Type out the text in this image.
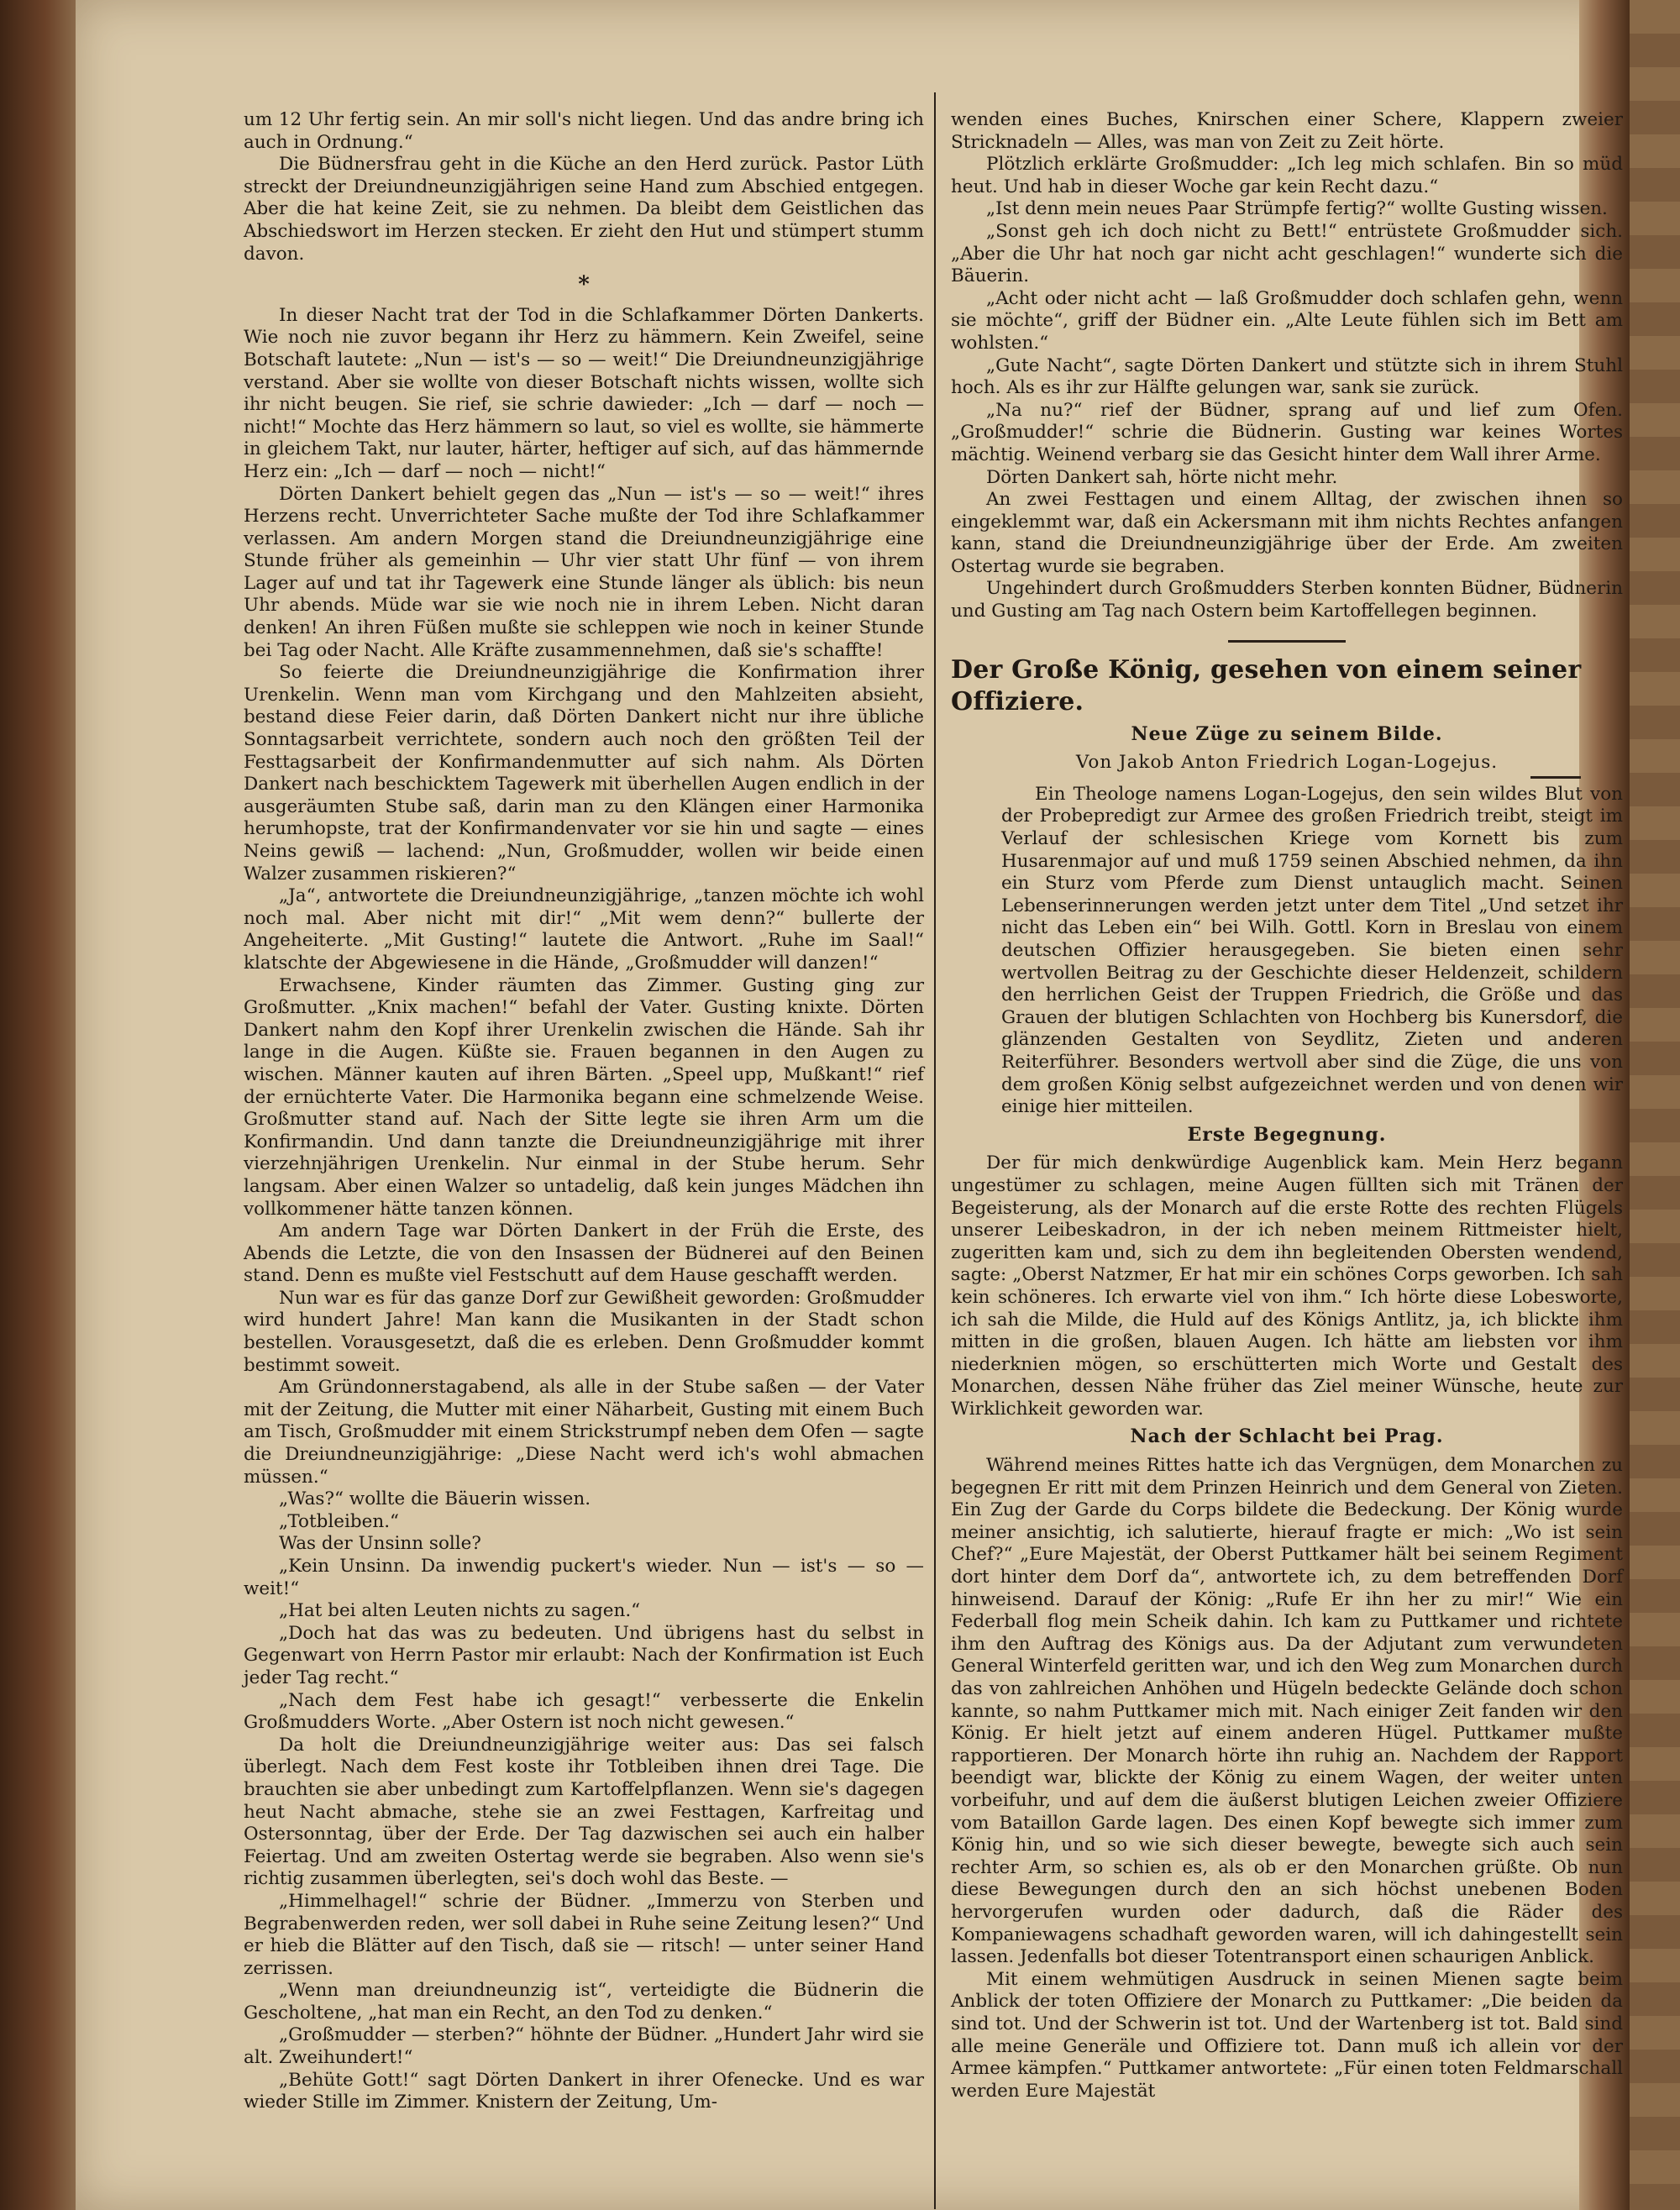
um 12 Uhr fertig sein. An mir soll's nicht liegen. Und das andre bring ich auch in Ordnung.“

Die Büdnersfrau geht in die Küche an den Herd zurück. Pastor Lüth streckt der Dreiundneunzigjährigen seine Hand zum Abschied entgegen. Aber die hat keine Zeit, sie zu nehmen. Da bleibt dem Geistlichen das Abschiedswort im Herzen stecken. Er zieht den Hut und stümpert stumm davon.

*

In dieser Nacht trat der Tod in die Schlafkammer Dörten Dankerts. Wie noch nie zuvor begann ihr Herz zu hämmern. Kein Zweifel, seine Botschaft lautete: „Nun — ist's — so — weit!“ Die Dreiundneunzigjährige verstand. Aber sie wollte von dieser Botschaft nichts wissen, wollte sich ihr nicht beugen. Sie rief, sie schrie dawieder: „Ich — darf — noch — nicht!“ Mochte das Herz hämmern so laut, so viel es wollte, sie hämmerte in gleichem Takt, nur lauter, härter, heftiger auf sich, auf das hämmernde Herz ein: „Ich — darf — noch — nicht!“

Dörten Dankert behielt gegen das „Nun — ist's — so — weit!“ ihres Herzens recht. Unverrichteter Sache mußte der Tod ihre Schlafkammer verlassen. Am andern Morgen stand die Dreiundneunzigjährige eine Stunde früher als gemeinhin — Uhr vier statt Uhr fünf — von ihrem Lager auf und tat ihr Tagewerk eine Stunde länger als üblich: bis neun Uhr abends. Müde war sie wie noch nie in ihrem Leben. Nicht daran denken! An ihren Füßen mußte sie schleppen wie noch in keiner Stunde bei Tag oder Nacht. Alle Kräfte zusammennehmen, daß sie's schaffte!

So feierte die Dreiundneunzigjährige die Konfirmation ihrer Urenkelin. Wenn man vom Kirchgang und den Mahlzeiten absieht, bestand diese Feier darin, daß Dörten Dankert nicht nur ihre übliche Sonntagsarbeit verrichtete, sondern auch noch den größten Teil der Festtagsarbeit der Konfirmandenmutter auf sich nahm. Als Dörten Dankert nach beschicktem Tagewerk mit überhellen Augen endlich in der ausgeräumten Stube saß, darin man zu den Klängen einer Harmonika herumhopste, trat der Konfirmandenvater vor sie hin und sagte — eines Neins gewiß — lachend: „Nun, Großmudder, wollen wir beide einen Walzer zusammen riskieren?“

„Ja“, antwortete die Dreiundneunzigjährige, „tanzen möchte ich wohl noch mal. Aber nicht mit dir!“ „Mit wem denn?“ bullerte der Angeheiterte. „Mit Gusting!“ lautete die Antwort. „Ruhe im Saal!“ klatschte der Abgewiesene in die Hände, „Großmudder will danzen!“

Erwachsene, Kinder räumten das Zimmer. Gusting ging zur Großmutter. „Knix machen!“ befahl der Vater. Gusting knixte. Dörten Dankert nahm den Kopf ihrer Urenkelin zwischen die Hände. Sah ihr lange in die Augen. Küßte sie. Frauen begannen in den Augen zu wischen. Männer kauten auf ihren Bärten. „Speel upp, Mußkant!“ rief der ernüchterte Vater. Die Harmonika begann eine schmelzende Weise. Großmutter stand auf. Nach der Sitte legte sie ihren Arm um die Konfirmandin. Und dann tanzte die Dreiundneunzigjährige mit ihrer vierzehnjährigen Urenkelin. Nur einmal in der Stube herum. Sehr langsam. Aber einen Walzer so untadelig, daß kein junges Mädchen ihn vollkommener hätte tanzen können.

Am andern Tage war Dörten Dankert in der Früh die Erste, des Abends die Letzte, die von den Insassen der Büdnerei auf den Beinen stand. Denn es mußte viel Festschutt auf dem Hause geschafft werden.

Nun war es für das ganze Dorf zur Gewißheit geworden: Großmudder wird hundert Jahre! Man kann die Musikanten in der Stadt schon bestellen. Vorausgesetzt, daß die es erleben. Denn Großmudder kommt bestimmt soweit.

Am Gründonnerstagabend, als alle in der Stube saßen — der Vater mit der Zeitung, die Mutter mit einer Näharbeit, Gusting mit einem Buch am Tisch, Großmudder mit einem Strickstrumpf neben dem Ofen — sagte die Dreiundneunzigjährige: „Diese Nacht werd ich's wohl abmachen müssen.“

„Was?“ wollte die Bäuerin wissen.

„Totbleiben.“

Was der Unsinn solle?

„Kein Unsinn. Da inwendig puckert's wieder. Nun — ist's — so — weit!“

„Hat bei alten Leuten nichts zu sagen.“

„Doch hat das was zu bedeuten. Und übrigens hast du selbst in Gegenwart von Herrn Pastor mir erlaubt: Nach der Konfirmation ist Euch jeder Tag recht.“

„Nach dem Fest habe ich gesagt!“ verbesserte die Enkelin Großmudders Worte. „Aber Ostern ist noch nicht gewesen.“

Da holt die Dreiundneunzigjährige weiter aus: Das sei falsch überlegt. Nach dem Fest koste ihr Totbleiben ihnen drei Tage. Die brauchten sie aber unbedingt zum Kartoffelpflanzen. Wenn sie's dagegen heut Nacht abmache, stehe sie an zwei Festtagen, Karfreitag und Ostersonntag, über der Erde. Der Tag dazwischen sei auch ein halber Feiertag. Und am zweiten Ostertag werde sie begraben. Also wenn sie's richtig zusammen überlegten, sei's doch wohl das Beste. —

„Himmelhagel!“ schrie der Büdner. „Immerzu von Sterben und Begrabenwerden reden, wer soll dabei in Ruhe seine Zeitung lesen?“ Und er hieb die Blätter auf den Tisch, daß sie — ritsch! — unter seiner Hand zerrissen.

„Wenn man dreiundneunzig ist“, verteidigte die Büdnerin die Gescholtene, „hat man ein Recht, an den Tod zu denken.“

„Großmudder — sterben?“ höhnte der Büdner. „Hundert Jahr wird sie alt. Zweihundert!“

„Behüte Gott!“ sagt Dörten Dankert in ihrer Ofenecke. Und es war wieder Stille im Zimmer. Knistern der Zeitung, Um-

wenden eines Buches, Knirschen einer Schere, Klappern zweier Stricknadeln — Alles, was man von Zeit zu Zeit hörte.

Plötzlich erklärte Großmudder: „Ich leg mich schlafen. Bin so müd heut. Und hab in dieser Woche gar kein Recht dazu.“

„Ist denn mein neues Paar Strümpfe fertig?“ wollte Gusting wissen.

„Sonst geh ich doch nicht zu Bett!“ entrüstete Großmudder sich. „Aber die Uhr hat noch gar nicht acht geschlagen!“ wunderte sich die Bäuerin.

„Acht oder nicht acht — laß Großmudder doch schlafen gehn, wenn sie möchte“, griff der Büdner ein. „Alte Leute fühlen sich im Bett am wohlsten.“

„Gute Nacht“, sagte Dörten Dankert und stützte sich in ihrem Stuhl hoch. Als es ihr zur Hälfte gelungen war, sank sie zurück.

„Na nu?“ rief der Büdner, sprang auf und lief zum Ofen. „Großmudder!“ schrie die Büdnerin. Gusting war keines Wortes mächtig. Weinend verbarg sie das Gesicht hinter dem Wall ihrer Arme.

Dörten Dankert sah, hörte nicht mehr.

An zwei Festtagen und einem Alltag, der zwischen ihnen so eingeklemmt war, daß ein Ackersmann mit ihm nichts Rechtes anfangen kann, stand die Dreiundneunzigjährige über der Erde. Am zweiten Ostertag wurde sie begraben.

Ungehindert durch Großmudders Sterben konnten Büdner, Büdnerin und Gusting am Tag nach Ostern beim Kartoffellegen beginnen.

Der Große König, gesehen von einem seiner Offiziere.
Neue Züge zu seinem Bilde.

Von Jakob Anton Friedrich Logan-Logejus.

Ein Theologe namens Logan-Logejus, den sein wildes Blut von der Probepredigt zur Armee des großen Friedrich treibt, steigt im Verlauf der schlesischen Kriege vom Kornett bis zum Husarenmajor auf und muß 1759 seinen Abschied nehmen, da ihn ein Sturz vom Pferde zum Dienst untauglich macht. Seinen Lebenserinnerungen werden jetzt unter dem Titel „Und setzet ihr nicht das Leben ein“ bei Wilh. Gottl. Korn in Breslau von einem deutschen Offizier herausgegeben. Sie bieten einen sehr wertvollen Beitrag zu der Geschichte dieser Heldenzeit, schildern den herrlichen Geist der Truppen Friedrich, die Größe und das Grauen der blutigen Schlachten von Hochberg bis Kunersdorf, die glänzenden Gestalten von Seydlitz, Zieten und anderen Reiterführer. Besonders wertvoll aber sind die Züge, die uns von dem großen König selbst aufgezeichnet werden und von denen wir einige hier mitteilen.

Erste Begegnung.

Der für mich denkwürdige Augenblick kam. Mein Herz begann ungestümer zu schlagen, meine Augen füllten sich mit Tränen der Begeisterung, als der Monarch auf die erste Rotte des rechten Flügels unserer Leibeskadron, in der ich neben meinem Rittmeister hielt, zugeritten kam und, sich zu dem ihn begleitenden Obersten wendend, sagte: „Oberst Natzmer, Er hat mir ein schönes Corps geworben. Ich sah kein schöneres. Ich erwarte viel von ihm.“ Ich hörte diese Lobesworte, ich sah die Milde, die Huld auf des Königs Antlitz, ja, ich blickte ihm mitten in die großen, blauen Augen. Ich hätte am liebsten vor ihm niederknien mögen, so erschütterten mich Worte und Gestalt des Monarchen, dessen Nähe früher das Ziel meiner Wünsche, heute zur Wirklichkeit geworden war.

Nach der Schlacht bei Prag.

Während meines Rittes hatte ich das Vergnügen, dem Monarchen zu begegnen Er ritt mit dem Prinzen Heinrich und dem General von Zieten. Ein Zug der Garde du Corps bildete die Bedeckung. Der König wurde meiner ansichtig, ich salutierte, hierauf fragte er mich: „Wo ist sein Chef?“ „Eure Majestät, der Oberst Puttkamer hält bei seinem Regiment dort hinter dem Dorf da“, antwortete ich, zu dem betreffenden Dorf hinweisend. Darauf der König: „Rufe Er ihn her zu mir!“ Wie ein Federball flog mein Scheik dahin. Ich kam zu Puttkamer und richtete ihm den Auftrag des Königs aus. Da der Adjutant zum verwundeten General Winterfeld geritten war, und ich den Weg zum Monarchen durch das von zahlreichen Anhöhen und Hügeln bedeckte Gelände doch schon kannte, so nahm Puttkamer mich mit. Nach einiger Zeit fanden wir den König. Er hielt jetzt auf einem anderen Hügel. Puttkamer mußte rapportieren. Der Monarch hörte ihn ruhig an. Nachdem der Rapport beendigt war, blickte der König zu einem Wagen, der weiter unten vorbeifuhr, und auf dem die äußerst blutigen Leichen zweier Offiziere vom Bataillon Garde lagen. Des einen Kopf bewegte sich immer zum König hin, und so wie sich dieser bewegte, bewegte sich auch sein rechter Arm, so schien es, als ob er den Monarchen grüßte. Ob nun diese Bewegungen durch den an sich höchst unebenen Boden hervorgerufen wurden oder dadurch, daß die Räder des Kompaniewagens schadhaft geworden waren, will ich dahingestellt sein lassen. Jedenfalls bot dieser Totentransport einen schaurigen Anblick.

Mit einem wehmütigen Ausdruck in seinen Mienen sagte beim Anblick der toten Offiziere der Monarch zu Puttkamer: „Die beiden da sind tot. Und der Schwerin ist tot. Und der Wartenberg ist tot. Bald sind alle meine Generäle und Offiziere tot. Dann muß ich allein vor der Armee kämpfen.“ Puttkamer antwortete: „Für einen toten Feldmarschall werden Eure Majestät
